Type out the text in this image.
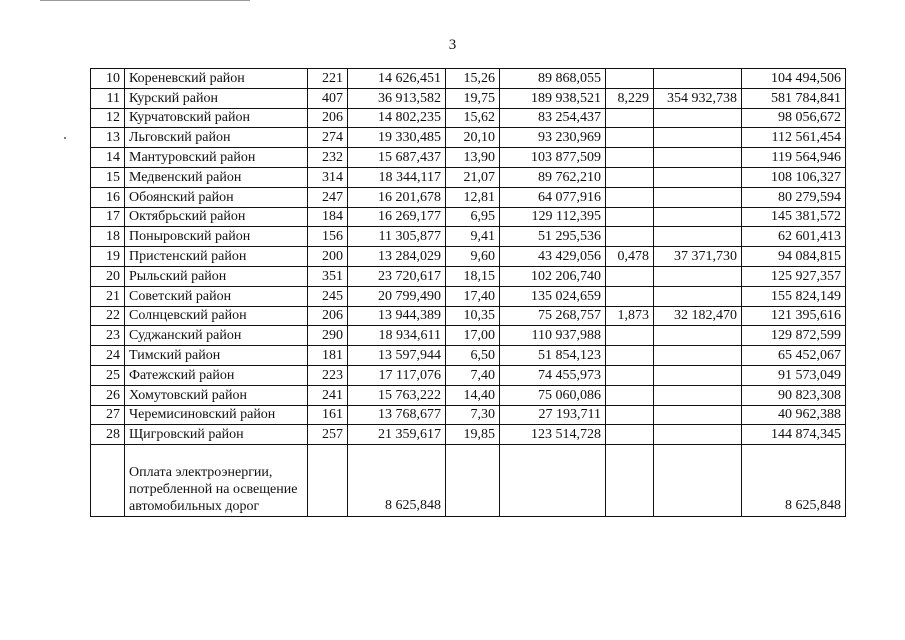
3
10	Кореневский район	221	14 626,451	15,26	89 868,055			104 494,506
11	Курский район	407	36 913,582	19,75	189 938,521	8,229	354 932,738	581 784,841
12	Курчатовский район	206	14 802,235	15,62	83 254,437			98 056,672
13	Льговский район	274	19 330,485	20,10	93 230,969			112 561,454
14	Мантуровский район	232	15 687,437	13,90	103 877,509			119 564,946
15	Медвенский район	314	18 344,117	21,07	89 762,210			108 106,327
16	Обоянский район	247	16 201,678	12,81	64 077,916			80 279,594
17	Октябрьский район	184	16 269,177	6,95	129 112,395			145 381,572
18	Поныровский район	156	11 305,877	9,41	51 295,536			62 601,413
19	Пристенский район	200	13 284,029	9,60	43 429,056	0,478	37 371,730	94 084,815
20	Рыльский район	351	23 720,617	18,15	102 206,740			125 927,357
21	Советский район	245	20 799,490	17,40	135 024,659			155 824,149
22	Солнцевский район	206	13 944,389	10,35	75 268,757	1,873	32 182,470	121 395,616
23	Суджанский район	290	18 934,611	17,00	110 937,988			129 872,599
24	Тимский район	181	13 597,944	6,50	51 854,123			65 452,067
25	Фатежский район	223	17 117,076	7,40	74 455,973			91 573,049
26	Хомутовский район	241	15 763,222	14,40	75 060,086			90 823,308
27	Черемисиновский район	161	13 768,677	7,30	27 193,711			40 962,388
28	Щигровский район	257	21 359,617	19,85	123 514,728			144 874,345
	Оплата электроэнергии, потребленной на освещение автомобильных дорог		8 625,848					8 625,848
